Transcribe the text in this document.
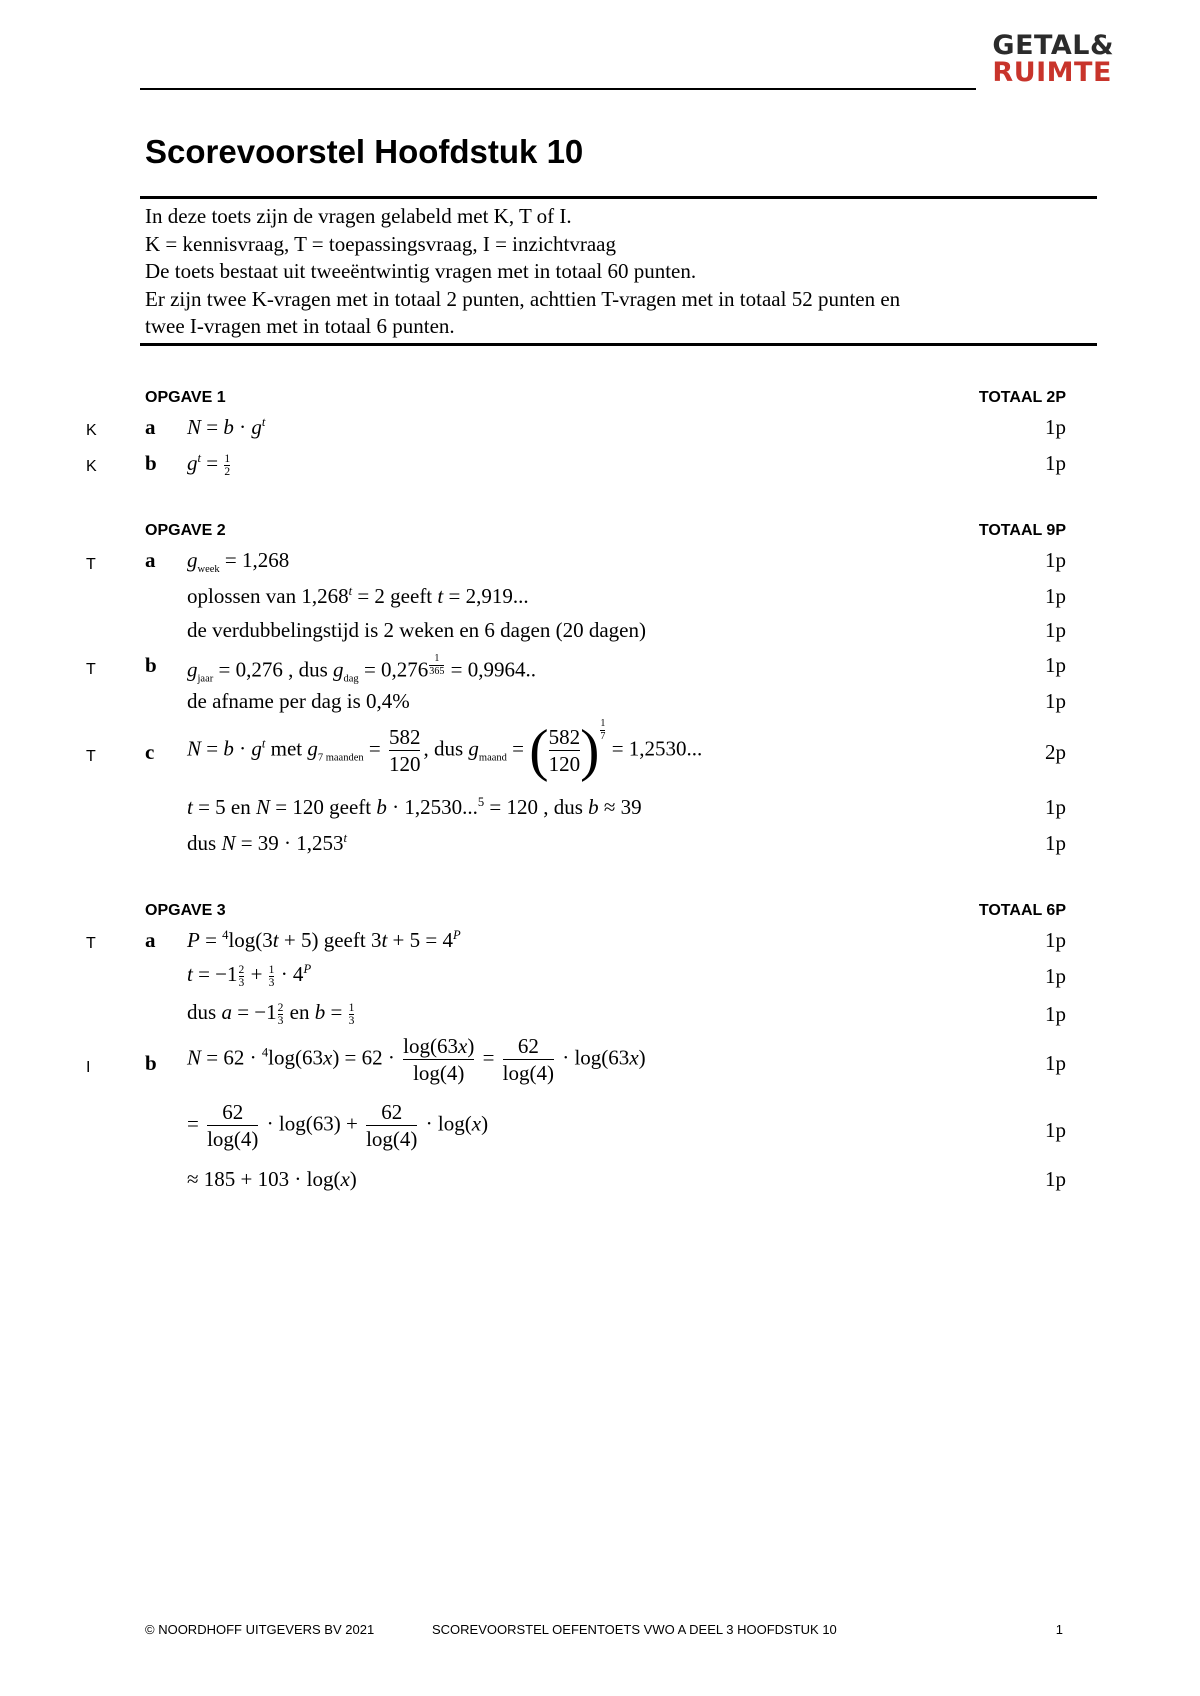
GETAL&
RUIMTE
Scorevoorstel Hoofdstuk 10
In deze toets zijn de vragen gelabeld met K, T of I.
K = kennisvraag, T = toepassingsvraag, I = inzichtvraag
De toets bestaat uit tweeëntwintig vragen met in totaal 60 punten.
Er zijn twee K-vragen met in totaal 2 punten, achttien T-vragen met in totaal 52 punten en
twee I-vragen met in totaal 6 punten.
OPGAVE 1	TOTAAL 2P
K a $N = b \cdot g^t$	1p
K b $g^t = \frac{1}{2}$	1p
OPGAVE 2	TOTAAL 9P
T a $g_{week} = 1,268$	1p
oplossen van $1,268^t = 2$ geeft t = 2,919...	1p
de verdubbelingstijd is 2 weken en 6 dagen (20 dagen)	1p
T b $g_{jaar} = 0,276$ , dus $g_{dag} = 0,276$ $^{\frac{1}{365}}$ = 0,9964..	1p
de afname per dag is 0,4%	1p
T c $N = b \cdot g^t$ met $g_{7 maanden} = \frac{582}{120}$ , dus $g_{maand}$ = ( $\frac{582}{120}$ ) $^{\frac{1}{7}}$
= 1,2530...	2p
t = 5 en N = 120 geeft b · 1,2530...$^5$ = 120 , dus b ≈ 39	1p
dus $N = 39 \cdot 1,253^t$	1p
OPGAVE 3	TOTAAL 6P
T a P = $^4$log(3t + 5) geeft $3t + 5 = 4^P$	1p
$t = -1 \frac{2}{3} + \frac{1}{3} \cdot 4^P$	1p
dus $a = -1 \frac{2}{3}$ en $b = \frac{1}{3}$	1p
I	b $N = 62 \cdot ^4\log(63x) = 62 \cdot \frac{\log(63x)}{\log(4)} = \frac{62}{\log(4)} \cdot \log(63x)$	1p
= $\frac{62}{\log(4)} \cdot \log(63) + \frac{62}{\log(4)} \cdot \log(x)$	1p
≈ 185 + 103 · log(x)	1p
© NOORDHOFF UITGEVERS BV 2021	SCOREVOORSTEL OEFENTOETS VWO A DEEL 3 HOOFDSTUK 10	1
